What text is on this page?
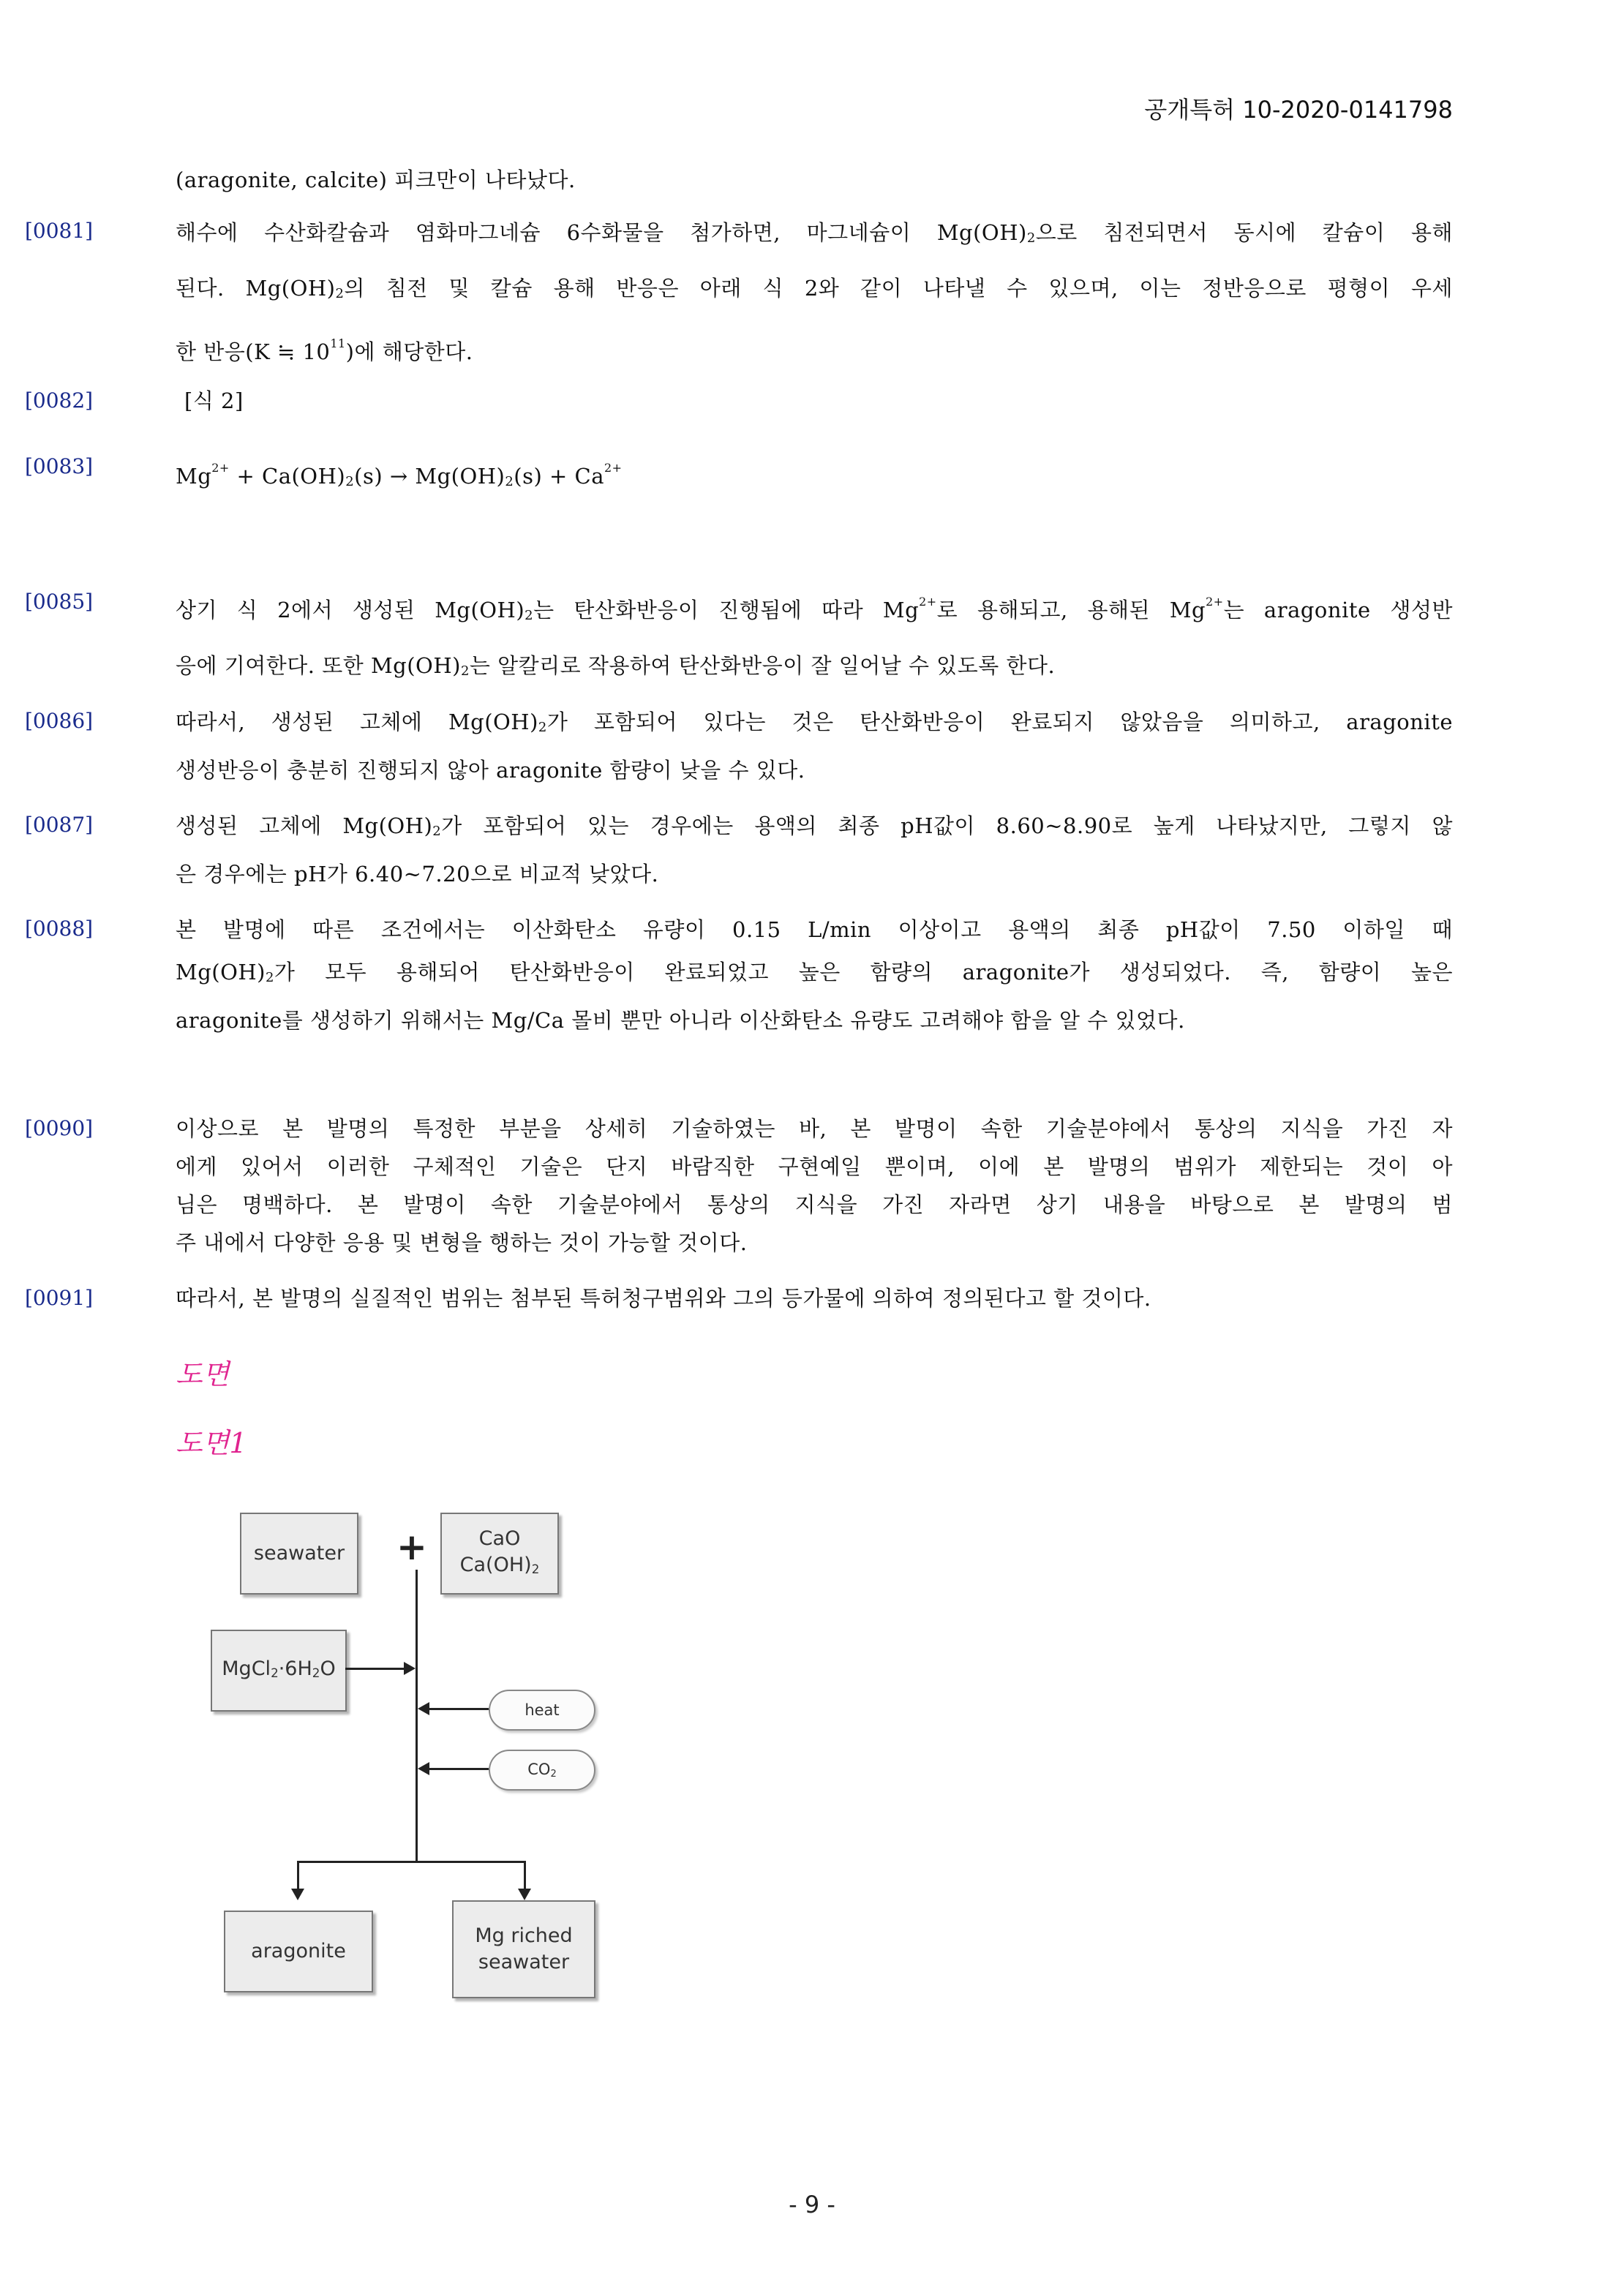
공개특허 10-2020-0141798
(aragonite, calcite) 피크만이 나타났다.
[0081]	해수에 수산화칼슘과 염화마그네슘 6수화물을 첨가하면, 마그네슘이 $Mg(OH)_2$으로 침전되면서 동시에 칼슘이 용해
된다. $Mg(OH)_2$의 침전 및 칼슘 용해 반응은 아래 식 2와 같이 나타낼 수 있으며, 이는 정반응으로 평형이 우세
한 반응(K ≒ $10^{11}$)에 해당한다.
[0082]	[식 2]
[0083]	$Mg^{2+} + Ca(OH)_2(s) \to Mg(OH)_2(s) + Ca^{2+}$
[0085]	상기 식 2에서 생성된 $Mg(OH)_2$는 탄산화반응이 진행됨에 따라 $Mg^{2+}$로 용해되고, 용해된 $Mg^{2+}$는 aragonite 생성반
응에 기여한다. 또한 $Mg(OH)_2$는 알칼리로 작용하여 탄산화반응이 잘 일어날 수 있도록 한다.
[0086]	따라서, 생성된 고체에 $Mg(OH)_2$가 포함되어 있다는 것은 탄산화반응이 완료되지 않았음을 의미하고, aragonite
생성반응이 충분히 진행되지 않아 aragonite 함량이 낮을 수 있다.
[0087]	생성된 고체에 $Mg(OH)_2$가 포함되어 있는 경우에는 용액의 최종 pH값이 8.60~8.90로 높게 나타났지만, 그렇지 않
은 경우에는 pH가 6.40~7.20으로 비교적 낮았다.
[0088]	본 발명에 따른 조건에서는 이산화탄소 유량이 0.15 L/min 이상이고 용액의 최종 pH값이 7.50 이하일 때
$Mg(OH)_2$가 모두 용해되어 탄산화반응이 완료되었고 높은 함량의 aragonite가 생성되었다. 즉, 함량이 높은
aragonite를 생성하기 위해서는 Mg/Ca 몰비 뿐만 아니라 이산화탄소 유량도 고려해야 함을 알 수 있었다.
[0090]	이상으로 본 발명의 특정한 부분을 상세히 기술하였는 바, 본 발명이 속한 기술분야에서 통상의 지식을 가진 자
에게 있어서 이러한 구체적인 기술은 단지 바람직한 구현예일 뿐이며, 이에 본 발명의 범위가 제한되는 것이 아
님은 명백하다. 본 발명이 속한 기술분야에서 통상의 지식을 가진 자라면 상기 내용을 바탕으로 본 발명의 범
주 내에서 다양한 응용 및 변형을 행하는 것이 가능할 것이다.
[0091]	따라서, 본 발명의 실질적인 범위는 첨부된 특허청구범위와 그의 등가물에 의하여 정의된다고 할 것이다.
도면
도면1
seawater +	CaO
$Ca(OH)_2$
$MgCl_2\cdot 6H_2O$
heat
$CO_2$
aragonite
Mg riched
seawater
- 9 -
